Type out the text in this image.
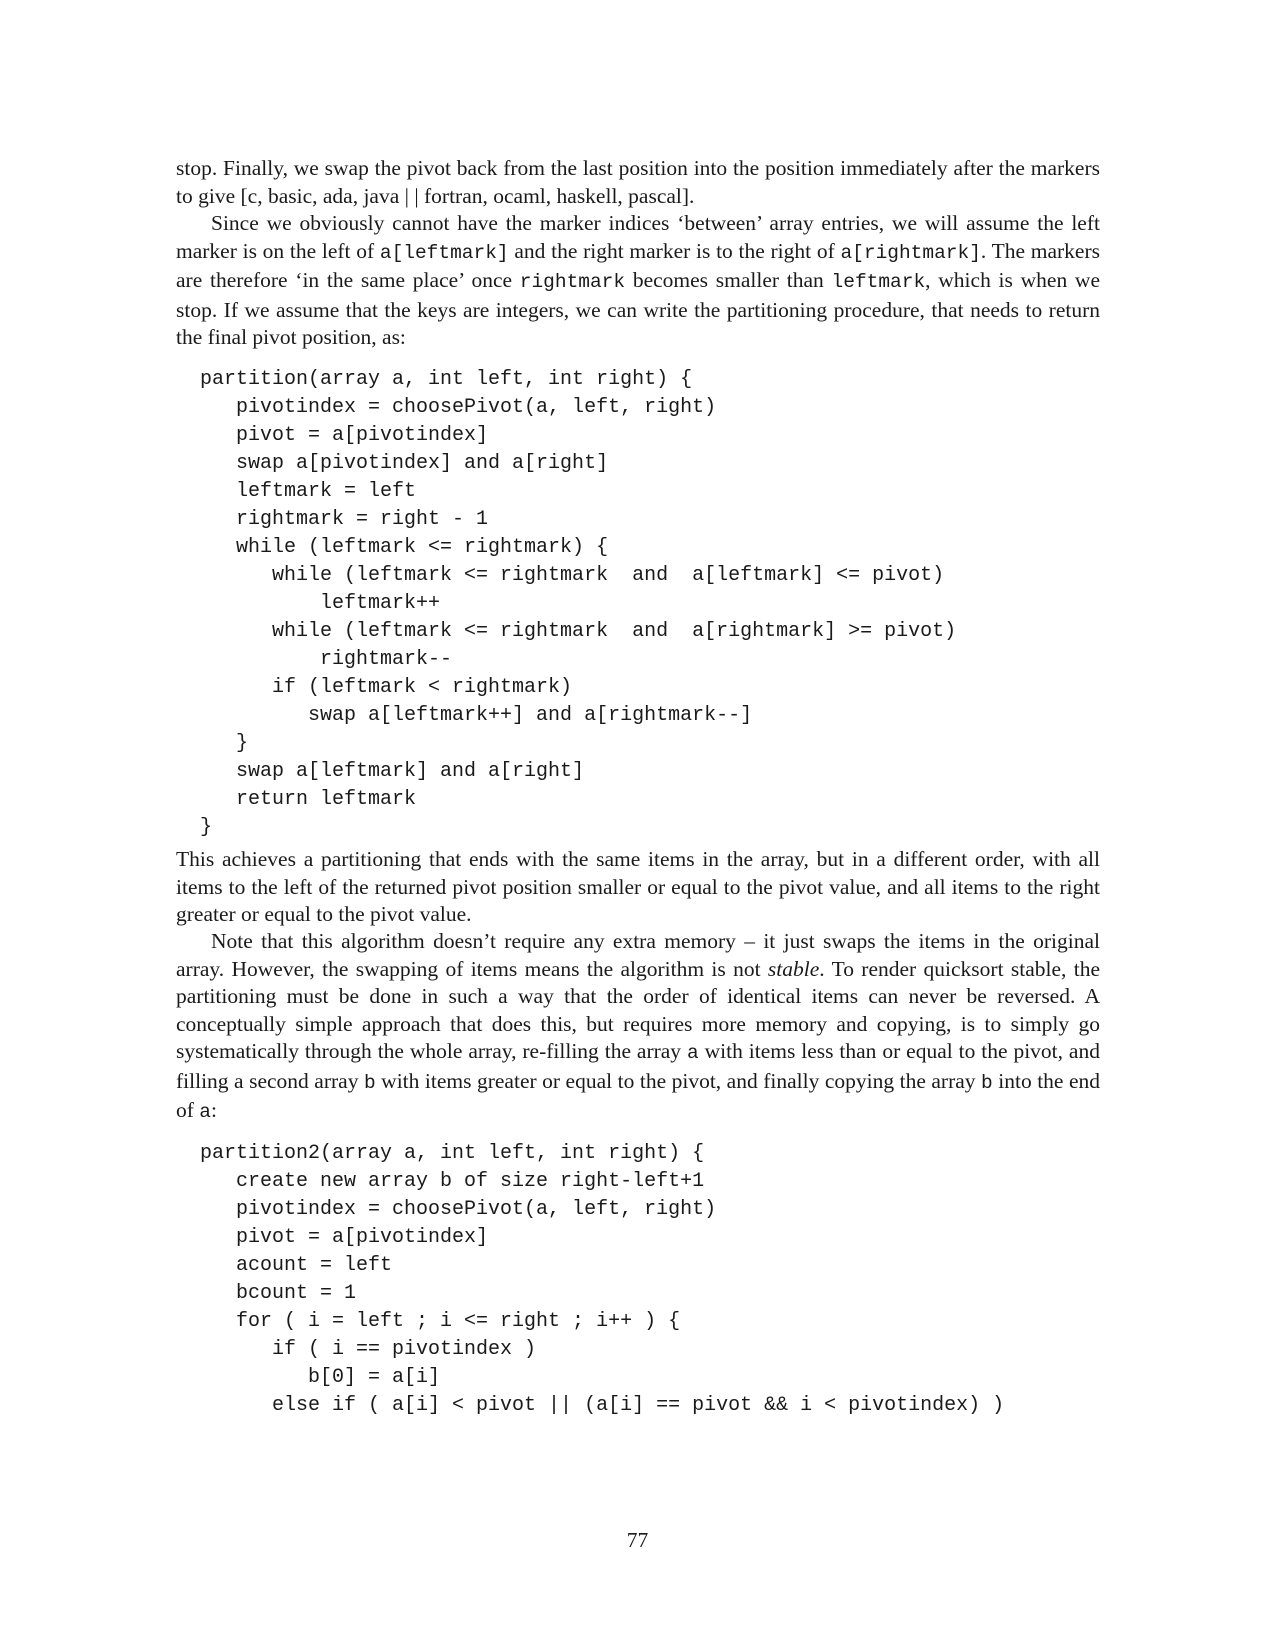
stop. Finally, we swap the pivot back from the last position into the position immediately after the markers to give [c, basic, ada, java | | fortran, ocaml, haskell, pascal].

Since we obviously cannot have the marker indices ‘between’ array entries, we will assume the left marker is on the left of a[leftmark] and the right marker is to the right of a[rightmark]. The markers are therefore ‘in the same place’ once rightmark becomes smaller than leftmark, which is when we stop. If we assume that the keys are integers, we can write the partitioning procedure, that needs to return the final pivot position, as:

partition(array a, int left, int right) {
pivotindex = choosePivot(a, left, right)
pivot = a[pivotindex]
swap a[pivotindex] and a[right]
leftmark = left
rightmark = right - 1
while (leftmark <= rightmark) {
while (leftmark <= rightmark  and  a[leftmark] <= pivot)
leftmark++
while (leftmark <= rightmark  and  a[rightmark] >= pivot)
rightmark--
if (leftmark < rightmark)
swap a[leftmark++] and a[rightmark--]
}
swap a[leftmark] and a[right]
return leftmark
}

This achieves a partitioning that ends with the same items in the array, but in a different order, with all items to the left of the returned pivot position smaller or equal to the pivot value, and all items to the right greater or equal to the pivot value.

Note that this algorithm doesn’t require any extra memory – it just swaps the items in the original array. However, the swapping of items means the algorithm is not stable. To render quicksort stable, the partitioning must be done in such a way that the order of identical items can never be reversed. A conceptually simple approach that does this, but requires more memory and copying, is to simply go systematically through the whole array, re-filling the array a with items less than or equal to the pivot, and filling a second array b with items greater or equal to the pivot, and finally copying the array b into the end of a:

partition2(array a, int left, int right) {
create new array b of size right-left+1
pivotindex = choosePivot(a, left, right)
pivot = a[pivotindex]
acount = left
bcount = 1
for ( i = left ; i <= right ; i++ ) {
if ( i == pivotindex )
b[0] = a[i]
else if ( a[i] < pivot || (a[i] == pivot && i < pivotindex) )
77
